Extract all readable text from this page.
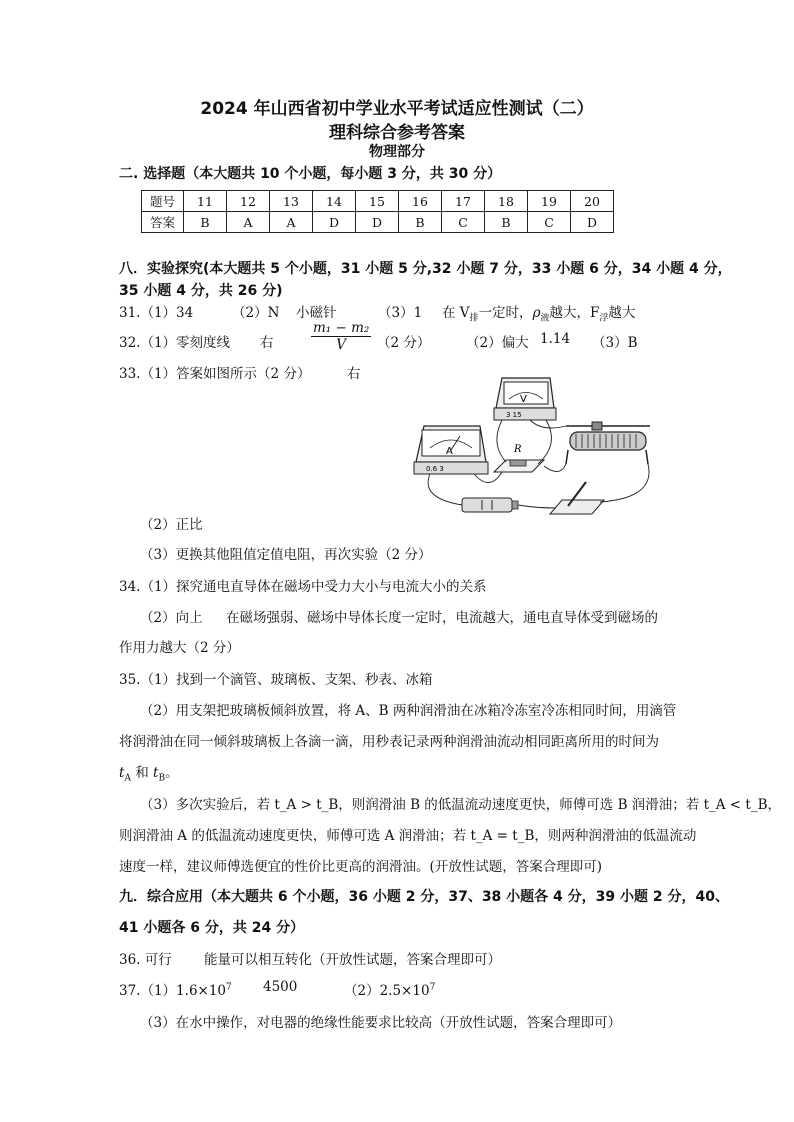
2024 年山西省初中学业水平考试适应性测试（二）
理科综合参考答案
物理部分
二. 选择题（本大题共 10 个小题，每小题 3 分，共 30 分）
题号	11	12	13	14	15	16	17	18	19	20
答案	B	A	A	D	D	B	C	B	C	D
八．实验探究(本大题共 5 个小题，31 小题 5 分,32 小题 7 分，33 小题 6 分，34 小题 4 分，
35 小题 4 分，共 26 分)
31.（1）34	（2）N 小磁针	（3）1 在 $V_排$一定时，$\rho_液$越大，$F_浮$越大
32.（1）零刻度线 右	$\frac{\text{m₁ − m₂}}{V} (2$ 分）	（2）偏大 1.14 （3）B
33.（1）答案如图所示（2 分）	右
A
0.6 3
V
3 15
R
（2）正比
（3）更换其他阻值定值电阻，再次实验（2 分）
34.（1）探究通电直导体在磁场中受力大小与电流大小的关系
（2）向上 在磁场强弱、磁场中导体长度一定时，电流越大，通电直导体受到磁场的
作用力越大（2 分）
35.（1）找到一个滴管、玻璃板、支架、秒表、冰箱
（2）用支架把玻璃板倾斜放置，将 A、B 两种润滑油在冰箱冷冻室冷冻相同时间，用滴管
将润滑油在同一倾斜玻璃板上各滴一滴，用秒表记录两种润滑油流动相同距离所用的时间为
$t_A$ 和 $t_B$。
（3）多次实验后，若 t_A > t_B，则润滑油 B 的低温流动速度更快，师傅可选 B 润滑油；若 t_A < t_B，
则润滑油 A 的低温流动速度更快，师傅可选 A 润滑油；若 t_A = t_B，则两种润滑油的低温流动
速度一样，建议师傅选便宜的性价比更高的润滑油。(开放性试题，答案合理即可)
九．综合应用（本大题共 6 个小题，36 小题 2 分，37、38 小题各 4 分，39 小题 2 分，40、
41 小题各 6 分，共 24 分）
36. 可行 能量可以相互转化（开放性试题，答案合理即可）
$37.(1)1.6\times 10^7$ 4500	$(2)2.5\times 10^7$
（3）在水中操作，对电器的绝缘性能要求比较高（开放性试题，答案合理即可）
